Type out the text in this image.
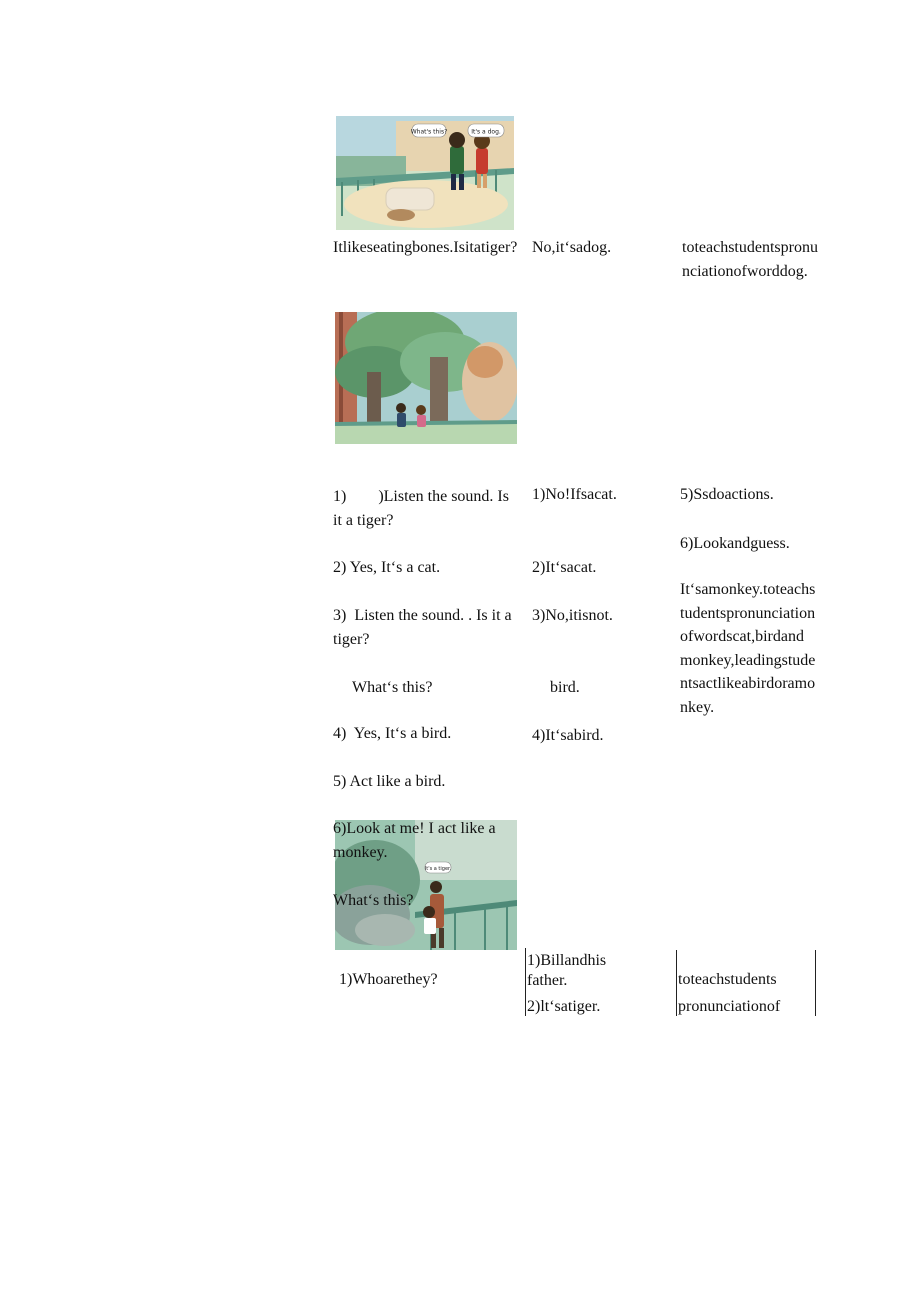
What's this?	It's a dog.
Itlikeseatingbones.Isitatiger? No,itʻsadog.	toteachstudentspronunciationofworddog.
1)        )Listen the sound. Is it a tiger?
2) Yes, Itʻs a cat.
3)  Listen the sound. . Is it a tiger?
Whatʻs this?
4)  Yes, Itʻs a bird.
5) Act like a bird.
It's a tiger.
6)Look at me! I act like a monkey.
Whatʻs this?
1)No!Ifsacat.
2)Itʻsacat.
3)No,itisnot.
bird.
4)Itʻsabird.
5)Ssdoactions.
6)Lookandguess.
Itʻsamonkey.toteachstudentspronunciationofwordscat,birdandmonkey,leadingstudentsactlikeabirdoramonkey.
1)Whoarethey?
1)Billandhis father.
2)ltʻsatiger.
toteachstudents
pronunciationof
